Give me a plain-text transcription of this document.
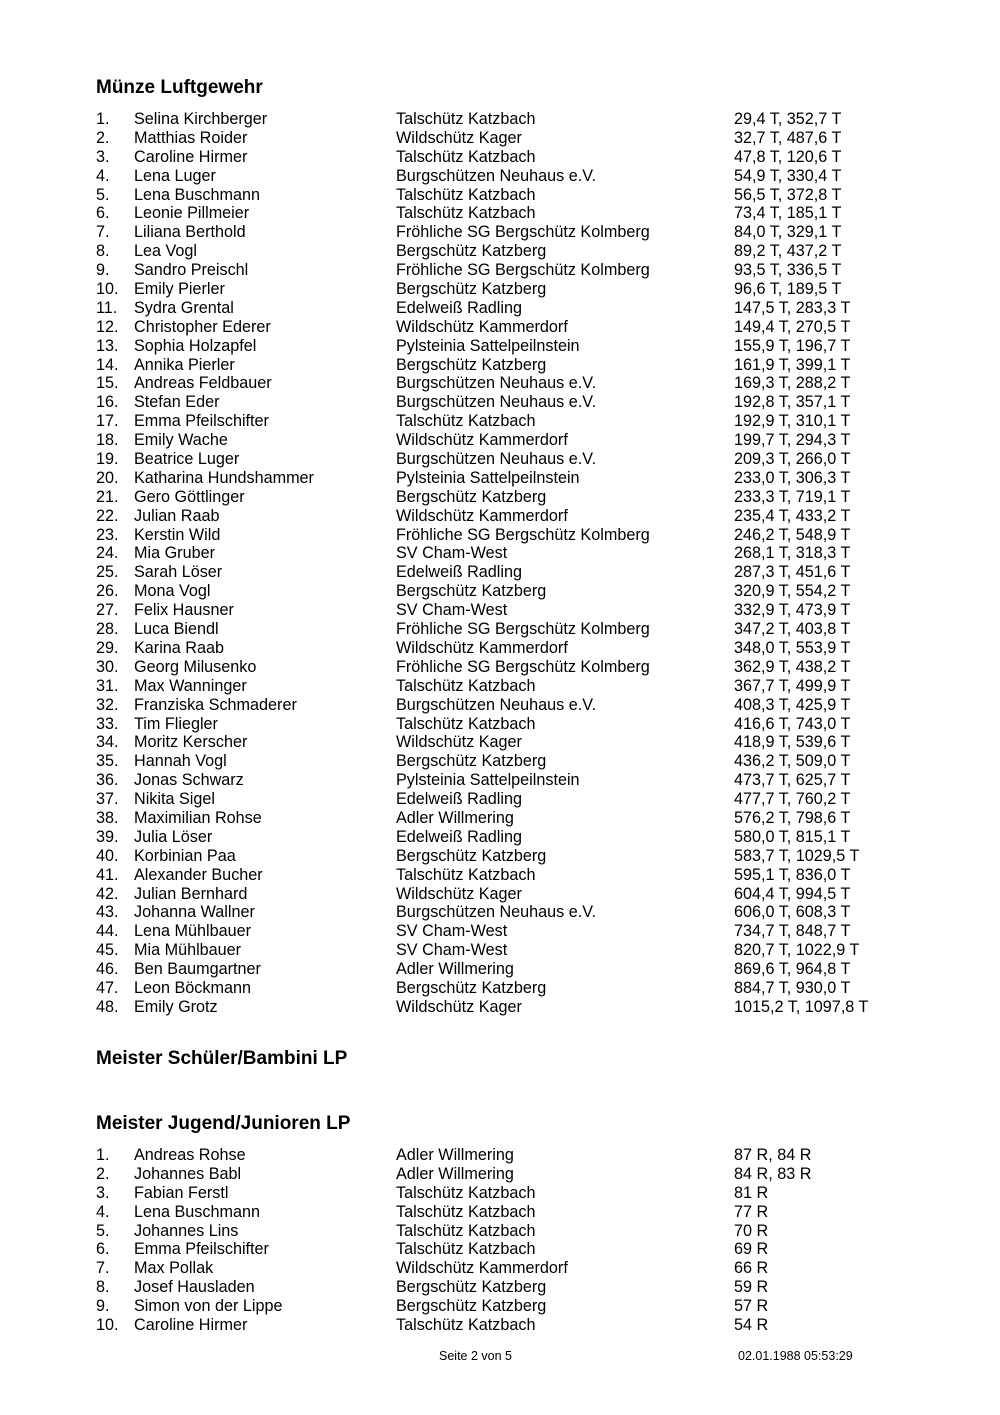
Münze Luftgewehr
1. Selina Kirchberger	Talschütz Katzbach	29,4 T, 352,7 T
2. Matthias Roider	Wildschütz Kager	32,7 T, 487,6 T
3. Caroline Hirmer	Talschütz Katzbach	47,8 T, 120,6 T
4. Lena Luger	Burgschützen Neuhaus e.V.	54,9 T, 330,4 T
5. Lena Buschmann	Talschütz Katzbach	56,5 T, 372,8 T
6. Leonie Pillmeier	Talschütz Katzbach	73,4 T, 185,1 T
7. Liliana Berthold	Fröhliche SG Bergschütz Kolmberg	84,0 T, 329,1 T
8. Lea Vogl	Bergschütz Katzberg	89,2 T, 437,2 T
9. Sandro Preischl	Fröhliche SG Bergschütz Kolmberg	93,5 T, 336,5 T
10. Emily Pierler	Bergschütz Katzberg	96,6 T, 189,5 T
11. Sydra Grental	Edelweiß Radling	147,5 T, 283,3 T
12. Christopher Ederer	Wildschütz Kammerdorf	149,4 T, 270,5 T
13. Sophia Holzapfel	Pylsteinia Sattelpeilnstein	155,9 T, 196,7 T
14. Annika Pierler	Bergschütz Katzberg	161,9 T, 399,1 T
15. Andreas Feldbauer	Burgschützen Neuhaus e.V.	169,3 T, 288,2 T
16. Stefan Eder	Burgschützen Neuhaus e.V.	192,8 T, 357,1 T
17. Emma Pfeilschifter	Talschütz Katzbach	192,9 T, 310,1 T
18. Emily Wache	Wildschütz Kammerdorf	199,7 T, 294,3 T
19. Beatrice Luger	Burgschützen Neuhaus e.V.	209,3 T, 266,0 T
20. Katharina Hundshammer	Pylsteinia Sattelpeilnstein	233,0 T, 306,3 T
21. Gero Göttlinger	Bergschütz Katzberg	233,3 T, 719,1 T
22. Julian Raab	Wildschütz Kammerdorf	235,4 T, 433,2 T
23. Kerstin Wild	Fröhliche SG Bergschütz Kolmberg	246,2 T, 548,9 T
24. Mia Gruber	SV Cham-West	268,1 T, 318,3 T
25. Sarah Löser	Edelweiß Radling	287,3 T, 451,6 T
26. Mona Vogl	Bergschütz Katzberg	320,9 T, 554,2 T
27. Felix Hausner	SV Cham-West	332,9 T, 473,9 T
28. Luca Biendl	Fröhliche SG Bergschütz Kolmberg	347,2 T, 403,8 T
29. Karina Raab	Wildschütz Kammerdorf	348,0 T, 553,9 T
30. Georg Milusenko	Fröhliche SG Bergschütz Kolmberg	362,9 T, 438,2 T
31. Max Wanninger	Talschütz Katzbach	367,7 T, 499,9 T
32. Franziska Schmaderer	Burgschützen Neuhaus e.V.	408,3 T, 425,9 T
33. Tim Fliegler	Talschütz Katzbach	416,6 T, 743,0 T
34. Moritz Kerscher	Wildschütz Kager	418,9 T, 539,6 T
35. Hannah Vogl	Bergschütz Katzberg	436,2 T, 509,0 T
36. Jonas Schwarz	Pylsteinia Sattelpeilnstein	473,7 T, 625,7 T
37. Nikita Sigel	Edelweiß Radling	477,7 T, 760,2 T
38. Maximilian Rohse	Adler Willmering	576,2 T, 798,6 T
39. Julia Löser	Edelweiß Radling	580,0 T, 815,1 T
40. Korbinian Paa	Bergschütz Katzberg	583,7 T, 1029,5 T
41. Alexander Bucher	Talschütz Katzbach	595,1 T, 836,0 T
42. Julian Bernhard	Wildschütz Kager	604,4 T, 994,5 T
43. Johanna Wallner	Burgschützen Neuhaus e.V.	606,0 T, 608,3 T
44. Lena Mühlbauer	SV Cham-West	734,7 T, 848,7 T
45. Mia Mühlbauer	SV Cham-West	820,7 T, 1022,9 T
46. Ben Baumgartner	Adler Willmering	869,6 T, 964,8 T
47. Leon Böckmann	Bergschütz Katzberg	884,7 T, 930,0 T
48. Emily Grotz	Wildschütz Kager	1015,2 T, 1097,8 T
Meister Schüler/Bambini LP
Meister Jugend/Junioren LP
1. Andreas Rohse	Adler Willmering	87 R, 84 R
2. Johannes Babl	Adler Willmering	84 R, 83 R
3. Fabian Ferstl	Talschütz Katzbach	81 R
4. Lena Buschmann	Talschütz Katzbach	77 R
5. Johannes Lins	Talschütz Katzbach	70 R
6. Emma Pfeilschifter	Talschütz Katzbach	69 R
7. Max Pollak	Wildschütz Kammerdorf	66 R
8. Josef Hausladen	Bergschütz Katzberg	59 R
9. Simon von der Lippe	Bergschütz Katzberg	57 R
10. Caroline Hirmer	Talschütz Katzbach	54 R
Seite 2 von 5	02.01.1988 05:53:29
